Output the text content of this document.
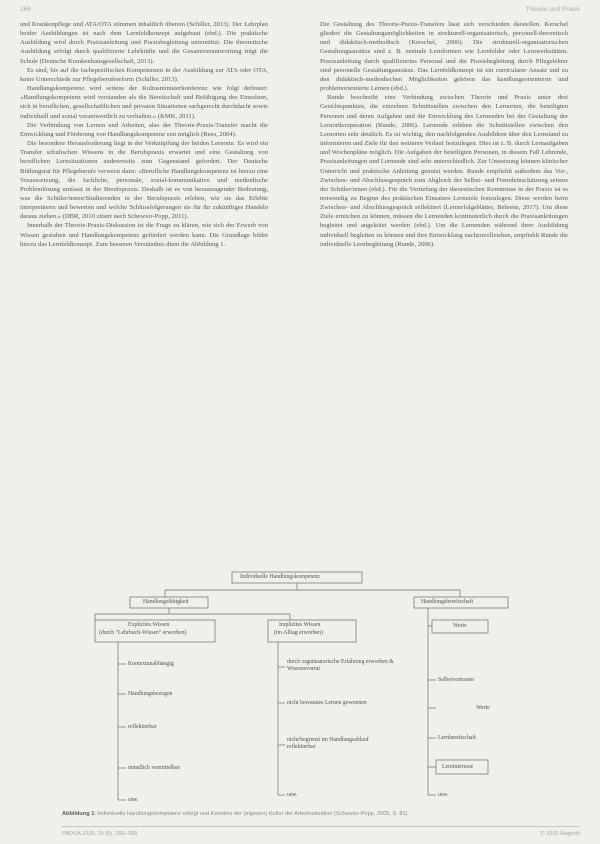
266	Theorie und Praxis

und Krankenpflege und ATA/OTA stimmen inhaltlich überein (Schiller, 2013). Der Lehrplan beider Ausbildungen ist nach dem Lernfeldkonzept aufgebaut (ebd.). Die praktische Ausbildung wird durch Praxisanleitung und Praxisbegleitung unterstützt. Die theoretische Ausbildung erfolgt durch qualifizierte Lehrkräfte und die Gesamtverantwortung trägt die Schule (Deutsche Krankenhausgesellschaft, 2013).

Es sind, bis auf die fachspezifischen Kompetenzen in der Ausbildung zur ATA oder OTA, keine Unterschiede zur Pflegeberufereform (Schiller, 2013).

Handlungskompetenz wird seitens der Kultusministerkonferenz wie folgt definiert: «Handlungskompetenz wird verstanden als die Bereitschaft und Befähigung des Einzelnen, sich in beruflichen, gesellschaftlichen und privaten Situationen sachgerecht durchdacht sowie individuell und sozial verantwortlich zu verhalten.» (KMK, 2011).

Die Verbindung von Lernen und Arbeiten, also der Theorie-Praxis-Transfer macht die Entwicklung und Förderung von Handlungskompetenz erst möglich (Rees, 2004).

Die besondere Herausforderung liegt in der Verknüpfung der beiden Lernorte. Es wird ein Transfer schulischen Wissens in die Berufspraxis erwartet und eine Gestaltung von beruflichen Lernsituationen andererseits zum Gegenstand gefordert. Der Deutsche Bildungsrat für Pflegeberufe verweist dazu: «Berufliche Handlungskompetenz ist hierzu eine Voraussetzung, die fachliche, personale, sozial-kommunikative und methodische Problemlösung umfasst in der Berufspraxis. Deshalb ist es von herausragender Bedeutung, was die Schüler/innen/Studierenden in der Berufspraxis erleben, wie sie das Erlebte interpretieren und bewerten und welche Schlussfolgerungen sie für ihr zukünftiges Handeln daraus ziehen.» (DBR, 2010 zitiert nach Schewior-Popp, 2011).

Innerhalb der Theorie-Praxis-Diskussion ist die Frage zu klären, wie sich der Erwerb von Wissen gestalten und Handlungskompetenz gefördert werden kann. Die Grundlage bildet hierzu das Lernfeldkonzept. Zum besseren Verständnis dient die Abbildung 1.

Die Gestaltung des Theorie-Praxis-Transfers lässt sich verschieden darstellen. Kerschel gliedert die Gestaltungsmöglichkeiten in strukturell-organisatorisch, personell-theoretisch und didaktisch-methodisch (Kerschel, 2006). Die strukturell-organisatorischen Gestaltungsansätze sind z. B. zentrale Lernformen wie Lernfelder oder Lernwerkstätten. Praxisanleitung durch qualifiziertes Personal und die Praxisbegleitung durch Pflegelehrer sind personelle Gestaltungsansätze. Das Lernfeldkonzept ist ein curricularer Ansatz und zu den didaktisch-methodischen Möglichkeiten gehören das handlungsorientierte und problemorientierte Lernen (ebd.).

Runde beschreibt eine Verbindung zwischen Theorie und Praxis unter drei Gesichtspunkten, die einzelnen Schnittstellen zwischen den Lernorten, die beteiligten Personen und deren Aufgaben und die Entwicklung des Lernenden bei der Gestaltung der Lernortkooperation (Runde, 2006). Lernende erleben die Schnittstellen zwischen den Lernorten sehr deutlich. Es ist wichtig, den nachfolgenden Ausbildern über den Lernstand zu informieren und Ziele für den weiteren Verlauf festzulegen. Dies ist z. B. durch Lernaufgaben und Wochenpläne möglich. Die Aufgaben der beteiligten Personen, in diesem Fall Lehrende, Praxisanleitungen und Lernende sind sehr unterschiedlich. Zur Umsetzung können klinischer Unterricht und praktische Anleitung genutzt werden. Runde empfiehlt außerdem das Vor-, Zwischen- und Abschlussgespräch zum Abgleich der Selbst- und Fremdeinschätzung seitens der Schüler/innen (ebd.). Für die Vertiefung der theoretischen Kenntnisse in der Praxis ist es notwendig zu Beginn des praktischen Einsatzes Lernziele festzulegen. Diese werden beim Zwischen- und Abschlussgespräch reflektiert (Lernerfolgsblätter, Behrens, 2017). Um diese Ziele erreichen zu können, müssen die Lernenden kontinuierlich durch die Praxisanleitungen begleitet und angeleitet werden (ebd.). Um die Lernenden während ihrer Ausbildung individuell begleiten zu können und ihre Entwicklung nachzuvollziehen, empfiehlt Runde die individuelle Lernbegleitung (Runde, 2006).

Individuelle Handlungskompetenz
Handlungsfähigkeit	Handlungsbereitschaft
Explizites Wissen
(durch "Lehrbuch-Wissen" erworben)
Implizites Wissen
(im Alltag erworben)
Kontextunabhängig
Handlungsbezogen
reflektierbar
mündlich vermittelbar
usw.
durch organisatorische Erfahrung erworben & Wissensvorrat
nicht bewusstes Lernen gewonnen
nicht/begrenzt im Handlungsablauf reflektierbar
usw.
Werte
Selbstvertrauen
Werte
Lernbereitschaft
Lerninteresse
usw.
Abbildung 1: Individuelle Handlungskompetenz erfolgt und Kenntnis der (eigenen) Kultur der Arbeitssituation (Schewior-Popp, 2005, S. 81)
PADUA 2020, 15 (5), 266–268	© 2020 Hogrefe
